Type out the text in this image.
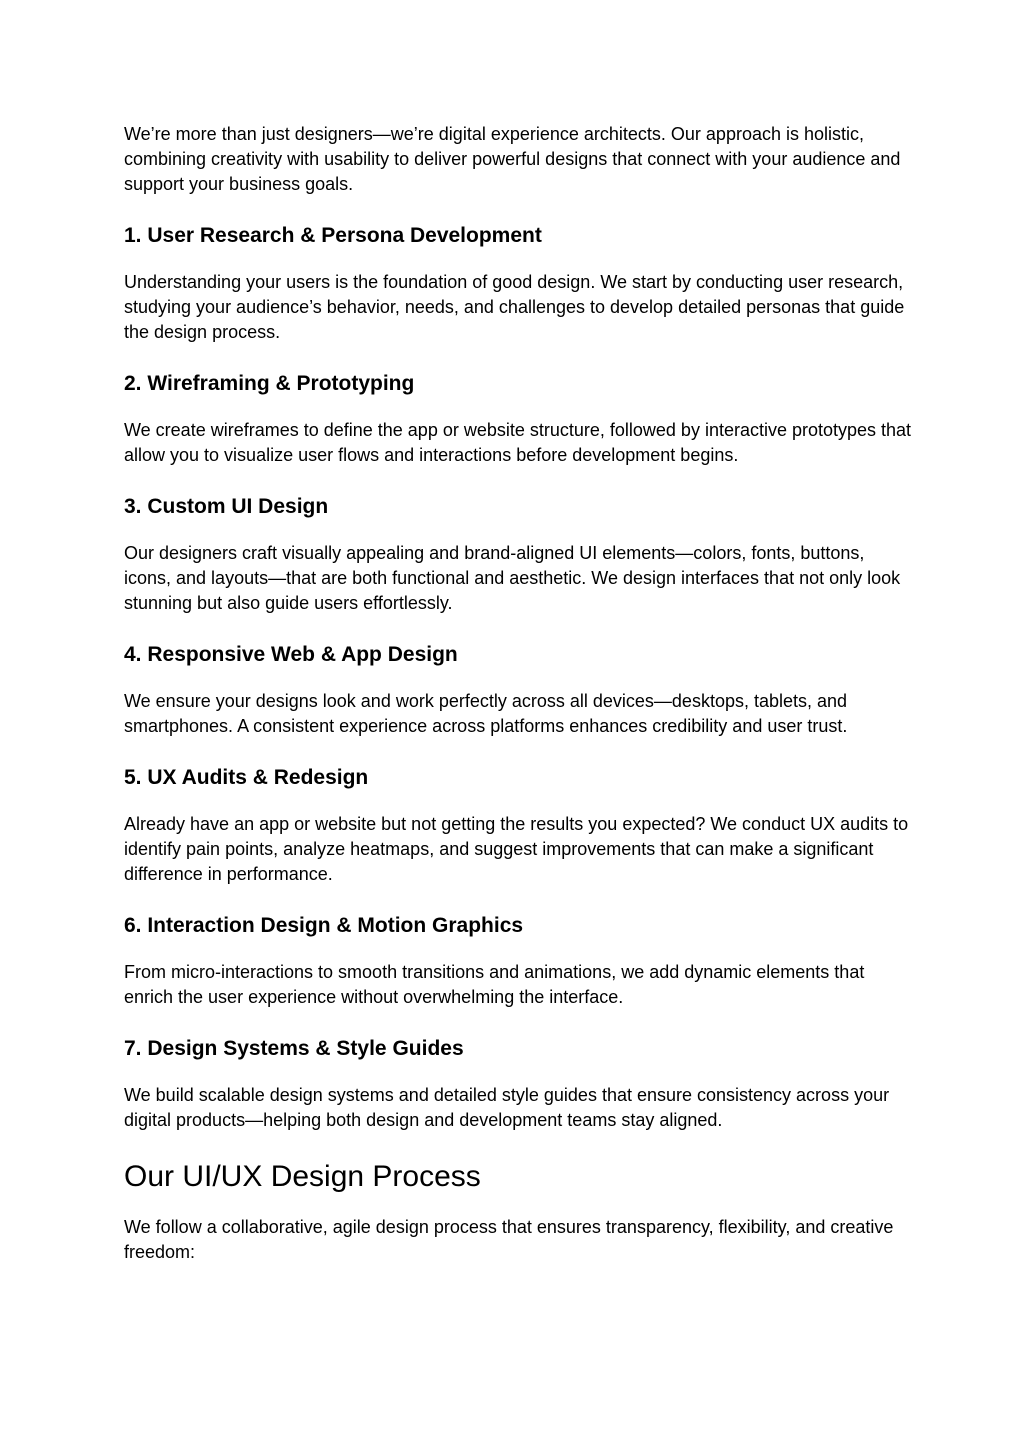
We’re more than just designers—we’re digital experience architects. Our approach is holistic, combining creativity with usability to deliver powerful designs that connect with your audience and support your business goals.

1. User Research & Persona Development

Understanding your users is the foundation of good design. We start by conducting user research, studying your audience’s behavior, needs, and challenges to develop detailed personas that guide the design process.

2. Wireframing & Prototyping

We create wireframes to define the app or website structure, followed by interactive prototypes that allow you to visualize user flows and interactions before development begins.

3. Custom UI Design

Our designers craft visually appealing and brand-aligned UI elements—colors, fonts, buttons, icons, and layouts—that are both functional and aesthetic. We design interfaces that not only look stunning but also guide users effortlessly.

4. Responsive Web & App Design

We ensure your designs look and work perfectly across all devices—desktops, tablets, and smartphones. A consistent experience across platforms enhances credibility and user trust.

5. UX Audits & Redesign

Already have an app or website but not getting the results you expected? We conduct UX audits to identify pain points, analyze heatmaps, and suggest improvements that can make a significant difference in performance.

6. Interaction Design & Motion Graphics

From micro-interactions to smooth transitions and animations, we add dynamic elements that enrich the user experience without overwhelming the interface.

7. Design Systems & Style Guides

We build scalable design systems and detailed style guides that ensure consistency across your digital products—helping both design and development teams stay aligned.

Our UI/UX Design Process

We follow a collaborative, agile design process that ensures transparency, flexibility, and creative freedom:
